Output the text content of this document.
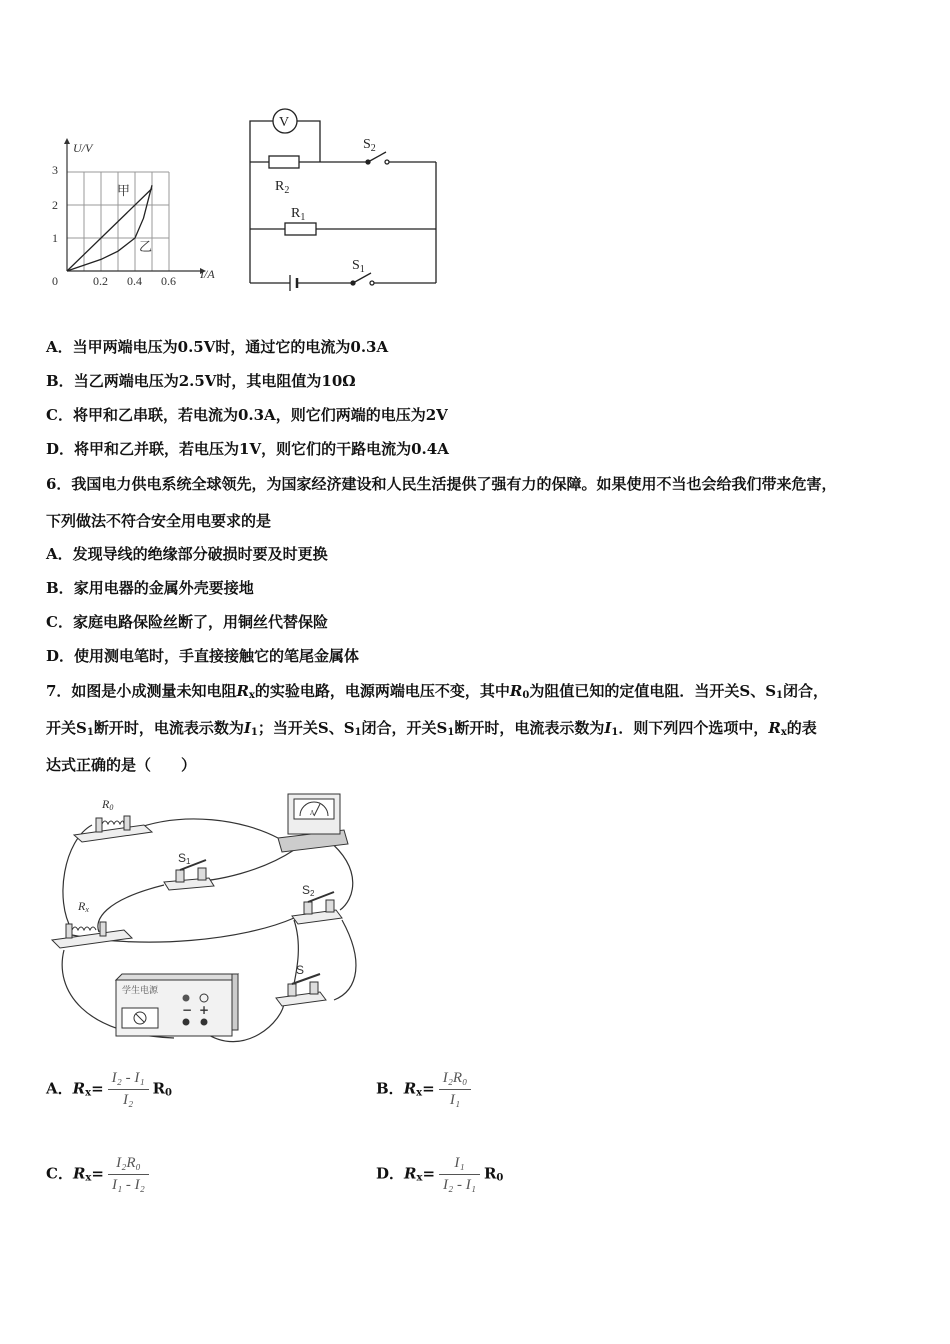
U/V
I/A
3
2
1
0	0.2 0.4 0.6
甲
乙
V
$R_2$
$R_1$
$S_2$
$S_1$
A．当甲两端电压为0.5V时，通过它的电流为0.3A
B．当乙两端电压为2.5V时，其电阻值为10Ω
C．将甲和乙串联，若电流为0.3A，则它们两端的电压为2V
D．将甲和乙并联，若电压为1V，则它们的干路电流为0.4A
6．我国电力供电系统全球领先，为国家经济建设和人民生活提供了强有力的保障。如果使用不当也会给我们带来危害，
下列做法不符合安全用电要求的是
A．发现导线的绝缘部分破损时要及时更换
B．家用电器的金属外壳要接地
C．家庭电路保险丝断了，用铜丝代替保险
D．使用测电笔时，手直接接触它的笔尾金属体
7．如图是小成测量未知电阻$R_x$的实验电路，电源两端电压不变，其中$R_0$为阻值已知的定值电阻．当开关S、$S_1$闭合，
开关$S_1$断开时，电流表示数为$I_1$；当开关S、$S_1$闭合，开关$S_1$断开时，电流表示数为$I_1$．则下列四个选项中，$R_x$的表
达式正确的是（　　）
R0
A
S1
S2
Rx
S
学生电源
− +
A．$R_x= \frac{\text{I₂ - I₁}}{\text{I₂}} R_0$	B．$R_x= \frac{\text{I₂R₀}}{\text{I₁}}$
C．$R_x= \frac{\text{I₂R₀}}{\text{I₁ - I₂}}$	D．$R_x= \frac{\text{I₁}}{\text{I₂ - I₁}} R_0$
